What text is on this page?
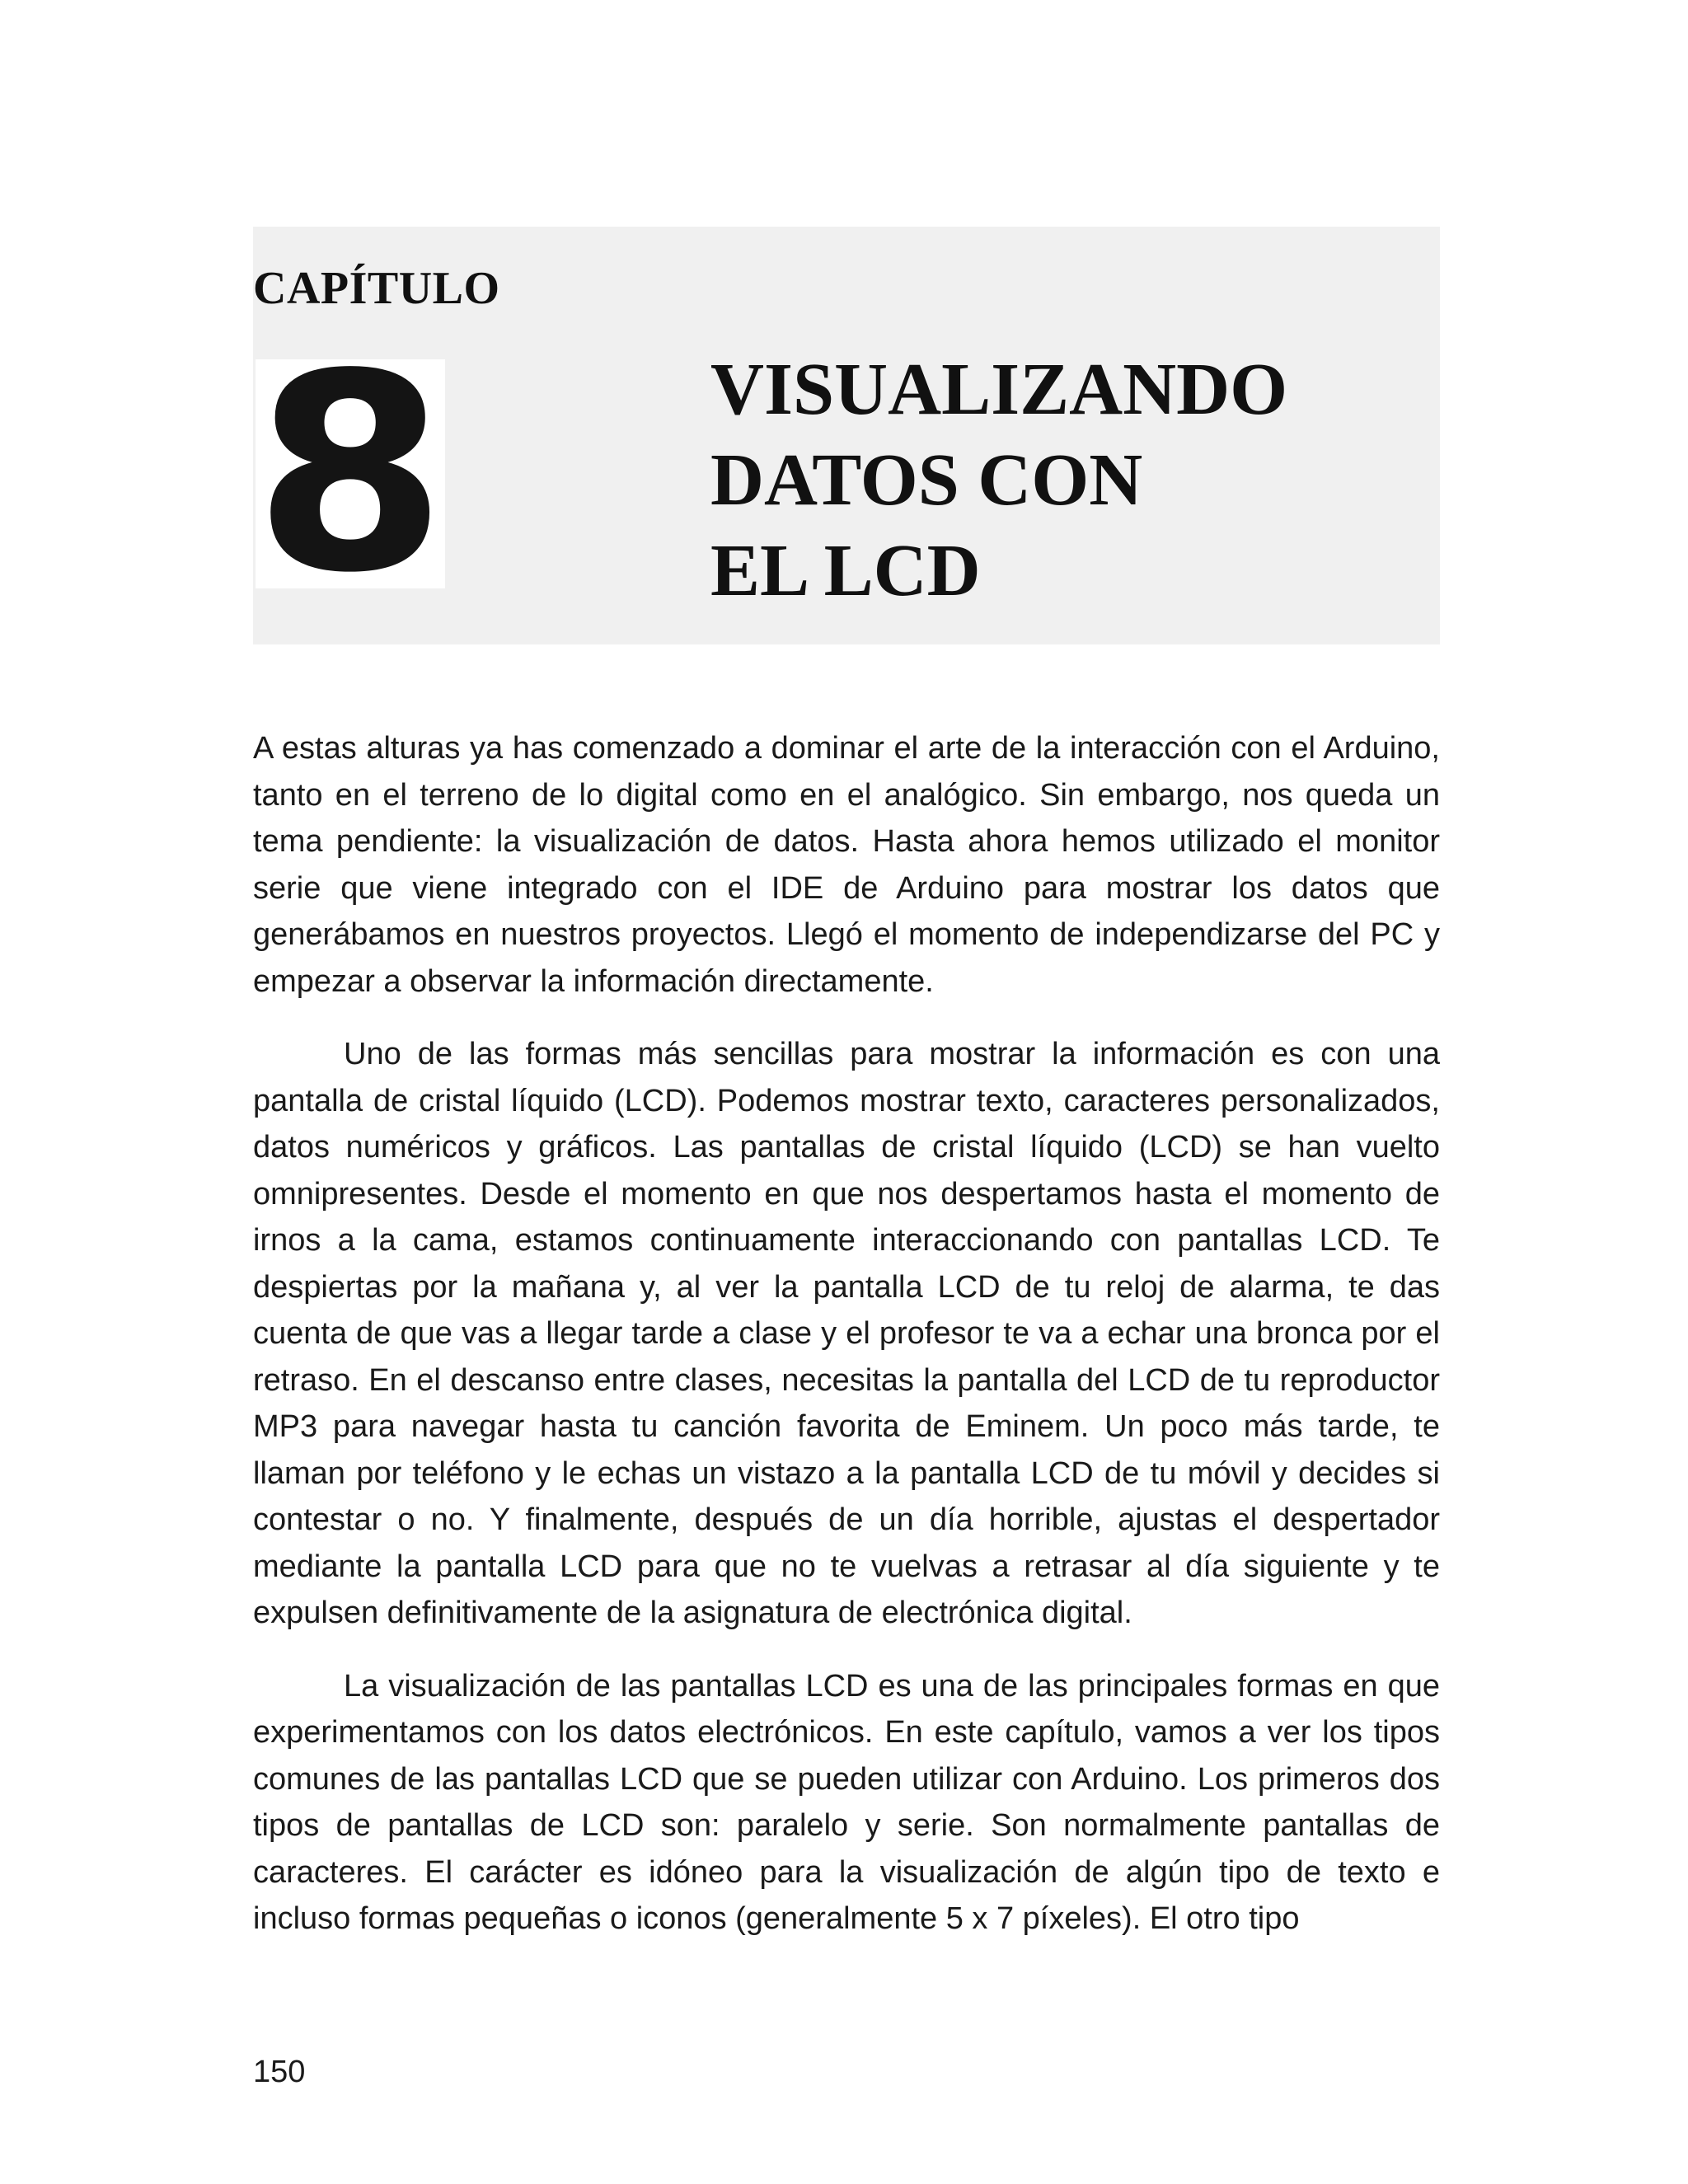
CAPÍTULO
8	VISUALIZANDO
DATOS CON
EL LCD

A estas alturas ya has comenzado a dominar el arte de la interacción con el Arduino, tanto en el terreno de lo digital como en el analógico. Sin embargo, nos queda un tema pendiente: la visualización de datos. Hasta ahora hemos utilizado el monitor serie que viene integrado con el IDE de Arduino para mostrar los datos que generábamos en nuestros proyectos. Llegó el momento de independizarse del PC y empezar a observar la información directamente.

Uno de las formas más sencillas para mostrar la información es con una pantalla de cristal líquido (LCD). Podemos mostrar texto, caracteres personalizados, datos numéricos y gráficos. Las pantallas de cristal líquido (LCD) se han vuelto omnipresentes. Desde el momento en que nos despertamos hasta el momento de irnos a la cama, estamos continuamente interaccionando con pantallas LCD. Te despiertas por la mañana y, al ver la pantalla LCD de tu reloj de alarma, te das cuenta de que vas a llegar tarde a clase y el profesor te va a echar una bronca por el retraso. En el descanso entre clases, necesitas la pantalla del LCD de tu reproductor MP3 para navegar hasta tu canción favorita de Eminem. Un poco más tarde, te llaman por teléfono y le echas un vistazo a la pantalla LCD de tu móvil y decides si contestar o no. Y finalmente, después de un día horrible, ajustas el despertador mediante la pantalla LCD para que no te vuelvas a retrasar al día siguiente y te expulsen definitivamente de la asignatura de electrónica digital.

La visualización de las pantallas LCD es una de las principales formas en que experimentamos con los datos electrónicos. En este capítulo, vamos a ver los tipos comunes de las pantallas LCD que se pueden utilizar con Arduino. Los primeros dos tipos de pantallas de LCD son: paralelo y serie. Son normalmente pantallas de caracteres. El carácter es idóneo para la visualización de algún tipo de texto e incluso formas pequeñas o iconos (generalmente 5 x 7 píxeles). El otro tipo

150
